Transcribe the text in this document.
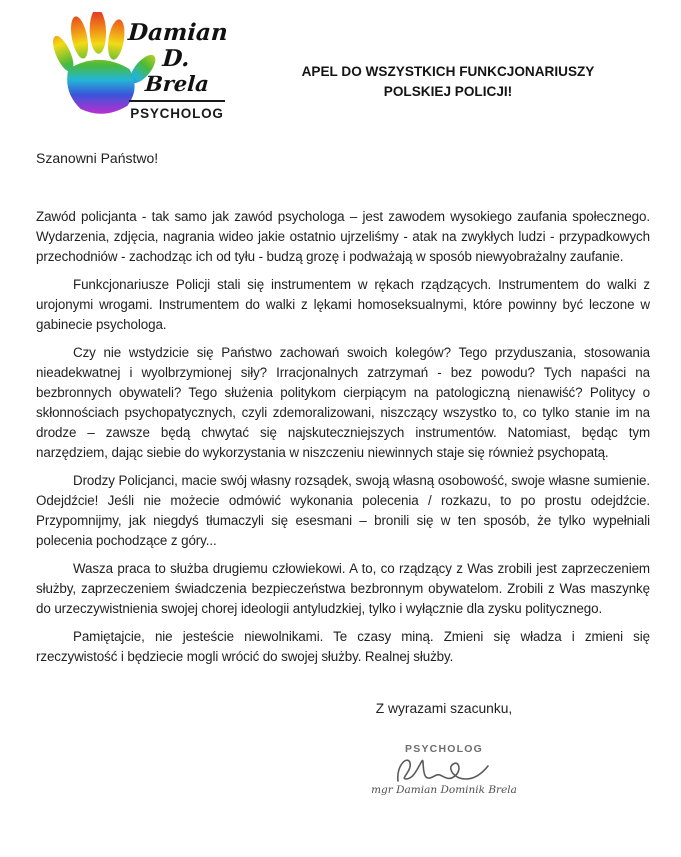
Damian D.
Brela
PSYCHOLOG
APEL DO WSZYSTKICH FUNKCJONARIUSZY
POLSKIEJ POLICJI!

Szanowni Państwo!

Zawód policjanta - tak samo jak zawód psychologa – jest zawodem wysokiego zaufania społecznego. Wydarzenia, zdjęcia, nagrania wideo jakie ostatnio ujrzeliśmy - atak na zwykłych ludzi - przypadkowych przechodniów - zachodząc ich od tyłu - budzą grozę i podważają w sposób niewyobrażalny zaufanie.

Funkcjonariusze Policji stali się instrumentem w rękach rządzących. Instrumentem do walki z urojonymi wrogami. Instrumentem do walki z lękami homoseksualnymi, które powinny być leczone w gabinecie psychologa.

Czy nie wstydzicie się Państwo zachowań swoich kolegów? Tego przyduszania, stosowania nieadekwatnej i wyolbrzymionej siły? Irracjonalnych zatrzymań - bez powodu? Tych napaści na bezbronnych obywateli? Tego służenia politykom cierpiącym na patologiczną nienawiść? Politycy o skłonnościach psychopatycznych, czyli zdemoralizowani, niszczący wszystko to, co tylko stanie im na drodze – zawsze będą chwytać się najskuteczniejszych instrumentów. Natomiast, będąc tym narzędziem, dając siebie do wykorzystania w niszczeniu niewinnych staje się również psychopatą.

Drodzy Policjanci, macie swój własny rozsądek, swoją własną osobowość, swoje własne sumienie. Odejdźcie! Jeśli nie możecie odmówić wykonania polecenia / rozkazu, to po prostu odejdźcie. Przypomnijmy, jak niegdyś tłumaczyli się esesmani – bronili się w ten sposób, że tylko wypełniali polecenia pochodzące z góry...

Wasza praca to służba drugiemu człowiekowi. A to, co rządzący z Was zrobili jest zaprzeczeniem służby, zaprzeczeniem świadczenia bezpieczeństwa bezbronnym obywatelom. Zrobili z Was maszynkę do urzeczywistnienia swojej chorej ideologii antyludzkiej, tylko i wyłącznie dla zysku politycznego.

Pamiętajcie, nie jesteście niewolnikami. Te czasy miną. Zmieni się władza i zmieni się rzeczywistość i będziecie mogli wrócić do swojej służby. Realnej służby.

Z wyrazami szacunku,
PSYCHOLOG
mgr Damian Dominik Brela
